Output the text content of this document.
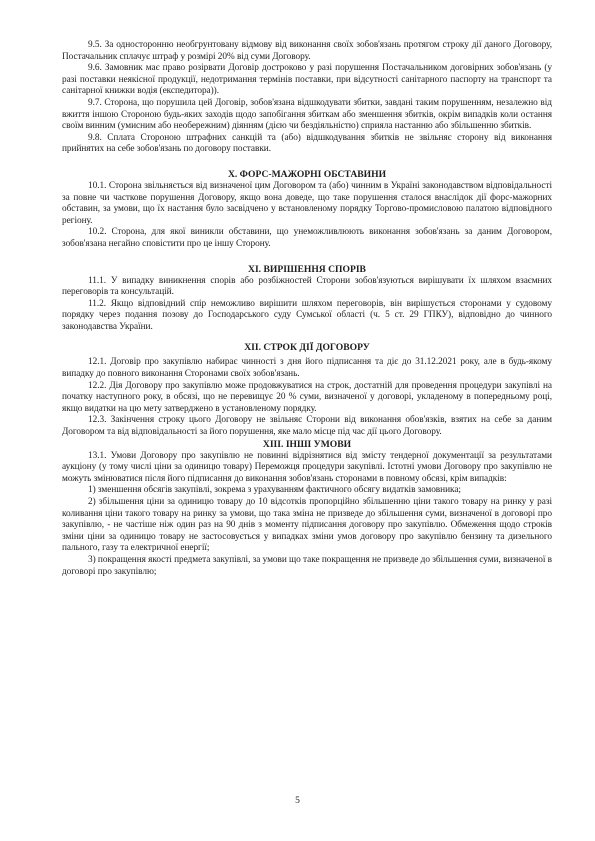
9.5. За односторонню необгрунтовану відмову від виконання своїх зобов'язань протягом строку дії даного Договору, Постачальник сплачує штраф у розмірі 20% від суми Договору.

9.6. Замовник має право розірвати Договір достроково у разі порушення Постачальником договірних зобов'язань (у разі поставки неякісної продукції, недотримання термінів поставки, при відсутності санітарного паспорту на транспорт та санітарної книжки водія (експедитора)).

9.7. Сторона, що порушила цей Договір, зобов'язана відшкодувати збитки, завдані таким порушенням, незалежно від вжиття іншою Стороною будь-яких заходів щодо запобігання збиткам або зменшення збитків, окрім випадків коли остання своїм винним (умисним або необережним) діянням (дією чи бездіяльністю) сприяла настанню або збільшенню збитків.

9.8. Сплата Стороною штрафних санкцій та (або) відшкодування збитків не звільняє сторону від виконання прийнятих на себе зобов'язань по договору поставки.

X. ФОРС-МАЖОРНІ ОБСТАВИНИ

10.1. Сторона звільняється від визначеної цим Договором та (або) чинним в Україні законодавством відповідальності за повне чи часткове порушення Договору, якщо вона доведе, що таке порушення сталося внаслідок дії форс-мажорних обставин, за умови, що їх настання було засвідчено у встановленому порядку Торгово-промисловою палатою відповідного регіону.

10.2. Сторона, для якої виникли обставини, що унеможливлюють виконання зобов'язань за даним Договором, зобов'язана негайно сповістити про це іншу Сторону.

XI. ВИРІШЕННЯ СПОРІВ

11.1. У випадку виникнення спорів або розбіжностей Сторони зобов'язуються вирішувати їх шляхом взаємних переговорів та консультацій.

11.2. Якщо відповідний спір неможливо вирішити шляхом переговорів, він вирішується сторонами у судовому порядку через подання позову до Господарського суду Сумської області (ч. 5 ст. 29 ГПКУ), відповідно до чинного законодавства України.

XII. СТРОК ДІЇ ДОГОВОРУ

12.1. Договір про закупівлю набирає чинності з дня його підписання та діє до 31.12.2021 року, але в будь-якому випадку до повного виконання Сторонами своїх зобов'язань.

12.2. Дія Договору про закупівлю може продовжуватися на строк, достатній для проведення процедури закупівлі на початку наступного року, в обсязі, що не перевищує 20 % суми, визначеної у договорі, укладеному в попередньому році, якщо видатки на цю мету затверджено в установленому порядку.

12.3. Закінчення строку цього Договору не звільняє Сторони від виконання обов'язків, взятих на себе за даним Договором та від відповідальності за його порушення, яке мало місце під час дії цього Договору.

XIII. ІНШІ УМОВИ

13.1. Умови Договору про закупівлю не повинні відрізнятися від змісту тендерної документації за результатами аукціону (у тому числі ціни за одиницю товару) Переможця процедури закупівлі. Істотні умови Договору про закупівлю не можуть змінюватися після його підписання до виконання зобов'язань сторонами в повному обсязі, крім випадків:

1) зменшення обсягів закупівлі, зокрема з урахуванням фактичного обсягу видатків замовника;

2) збільшення ціни за одиницю товару до 10 відсотків пропорційно збільшенню ціни такого товару на ринку у разі коливання ціни такого товару на ринку за умови, що така зміна не призведе до збільшення суми, визначеної в договорі про закупівлю, - не частіше ніж один раз на 90 днів з моменту підписання договору про закупівлю. Обмеження щодо строків зміни ціни за одиницю товару не застосовується у випадках зміни умов договору про закупівлю бензину та дизельного пального, газу та електричної енергії;

3) покращення якості предмета закупівлі, за умови що таке покращення не призведе до збільшення суми, визначеної в договорі про закупівлю;

5
